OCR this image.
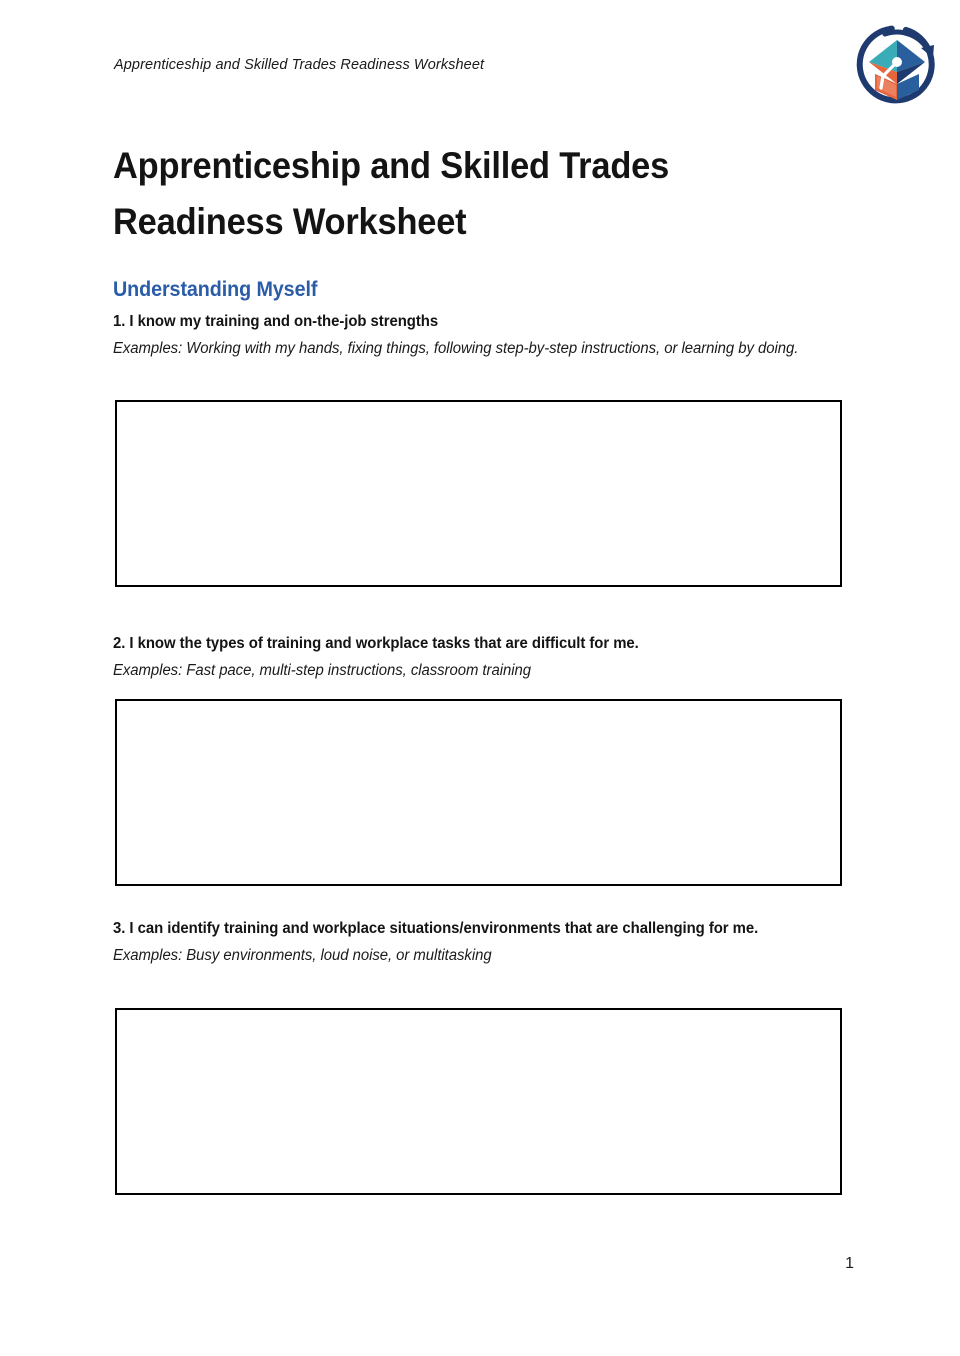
Apprenticeship and Skilled Trades Readiness Worksheet
Apprenticeship and Skilled Trades Readiness Worksheet
Understanding Myself
1. I know my training and on-the-job strengths
Examples: Working with my hands, fixing things, following step-by-step instructions, or learning by doing.
2. I know the types of training and workplace tasks that are difficult for me.
Examples: Fast pace, multi-step instructions, classroom training
3. I can identify training and workplace situations/environments that are challenging for me.
Examples: Busy environments, loud noise, or multitasking
1
